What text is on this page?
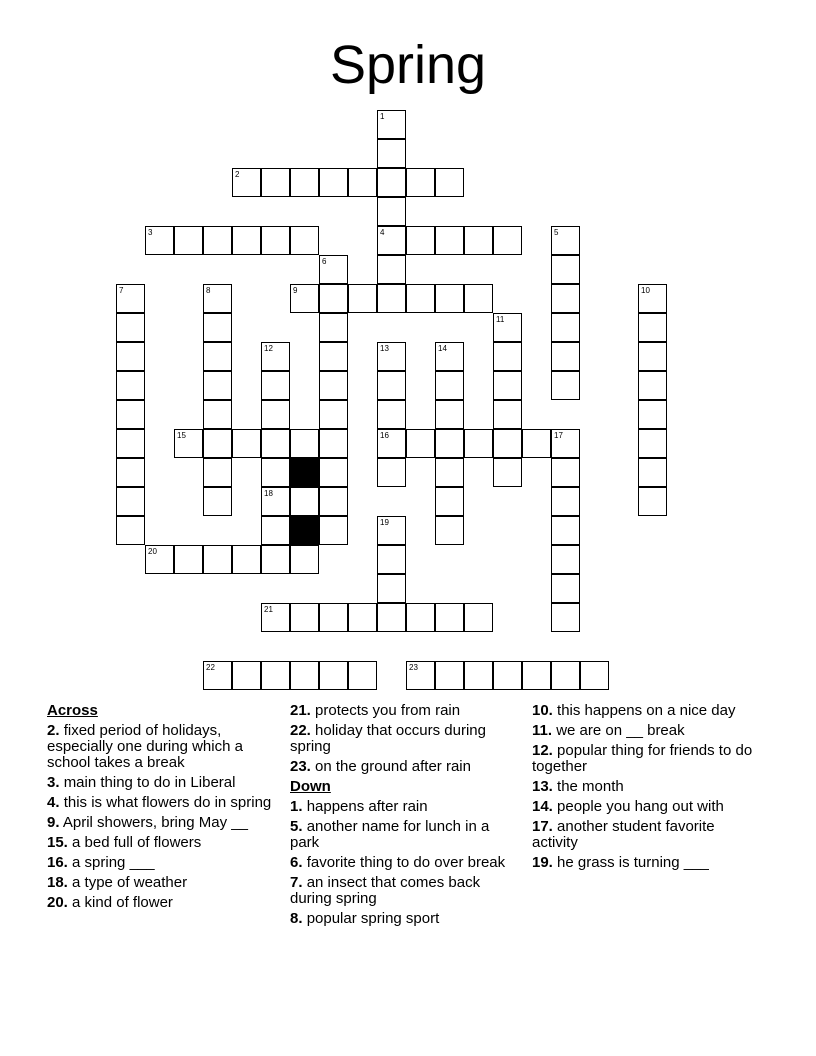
Spring
1
4
2
3	5
6
7	8	9	10
11
12
18
13
16
14
15	17
19
20
21
22	23
Across
2. fixed period of holidays, especially one during which a school takes a break
3. main thing to do in Liberal
4. this is what flowers do in spring
9. April showers, bring May __
15. a bed full of flowers
16. a spring ___
18. a type of weather
20. a kind of flower
21. protects you from rain
22. holiday that occurs during spring
23. on the ground after rain
Down
1. happens after rain
5. another name for lunch in a park
6. favorite thing to do over break
7. an insect that comes back during spring
8. popular spring sport
10. this happens on a nice day
11. we are on __ break
12. popular thing for friends to do together
13. the month
14. people you hang out with
17. another student favorite activity
19. he grass is turning ___
